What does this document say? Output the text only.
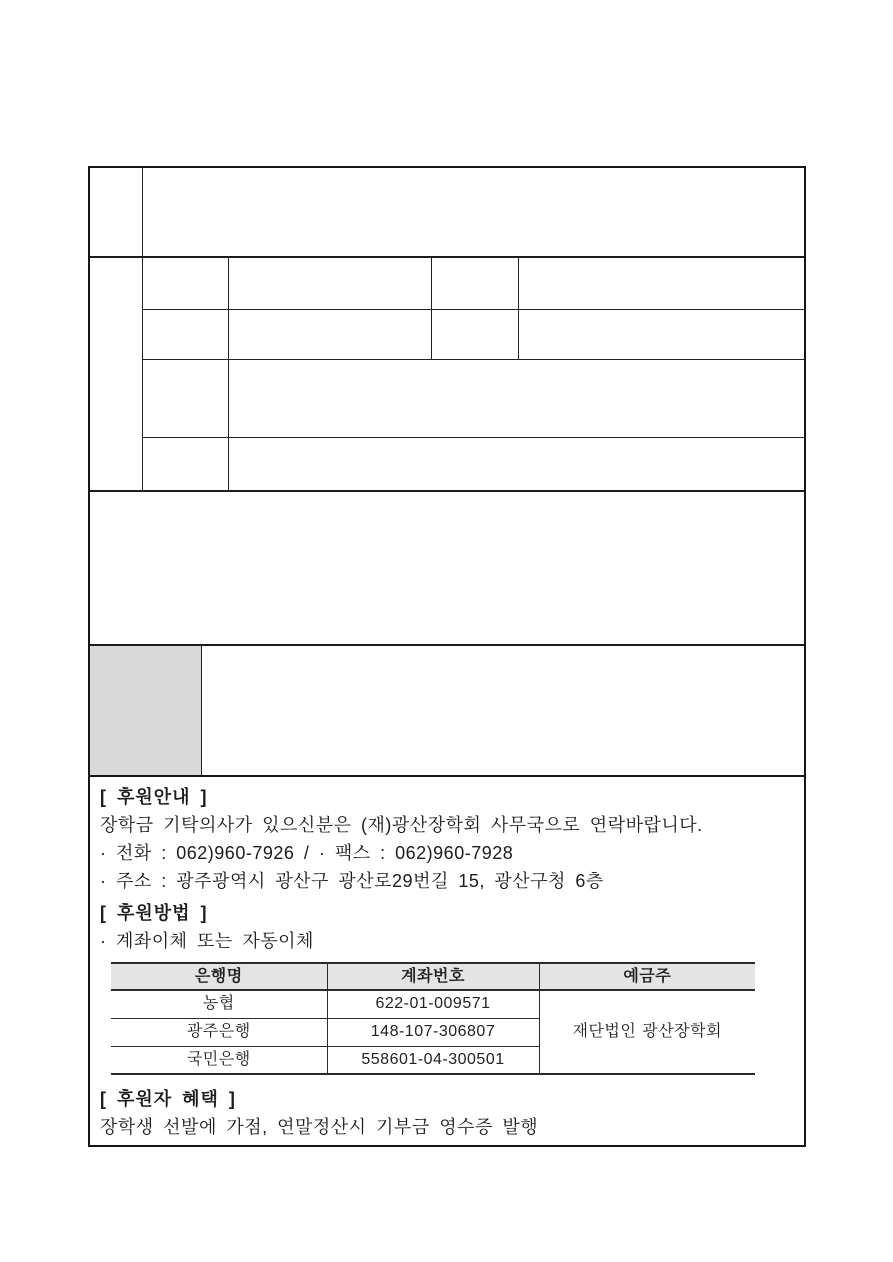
[ 후원안내 ]
장학금 기탁의사가 있으신분은 (재)광산장학회 사무국으로 연락바랍니다.
· 전화 : 062)960-7926 / · 팩스 : 062)960-7928
· 주소 : 광주광역시 광산구 광산로29번길 15, 광산구청 6층
[ 후원방법 ]
· 계좌이체 또는 자동이체
은행명	계좌번호	예금주
농협	622-01-009571	재단법인 광산장학회
광주은행	148-107-306807	
국민은행	558601-04-300501	
[ 후원자 혜택 ]
장학생 선발에 가점, 연말정산시 기부금 영수증 발행
